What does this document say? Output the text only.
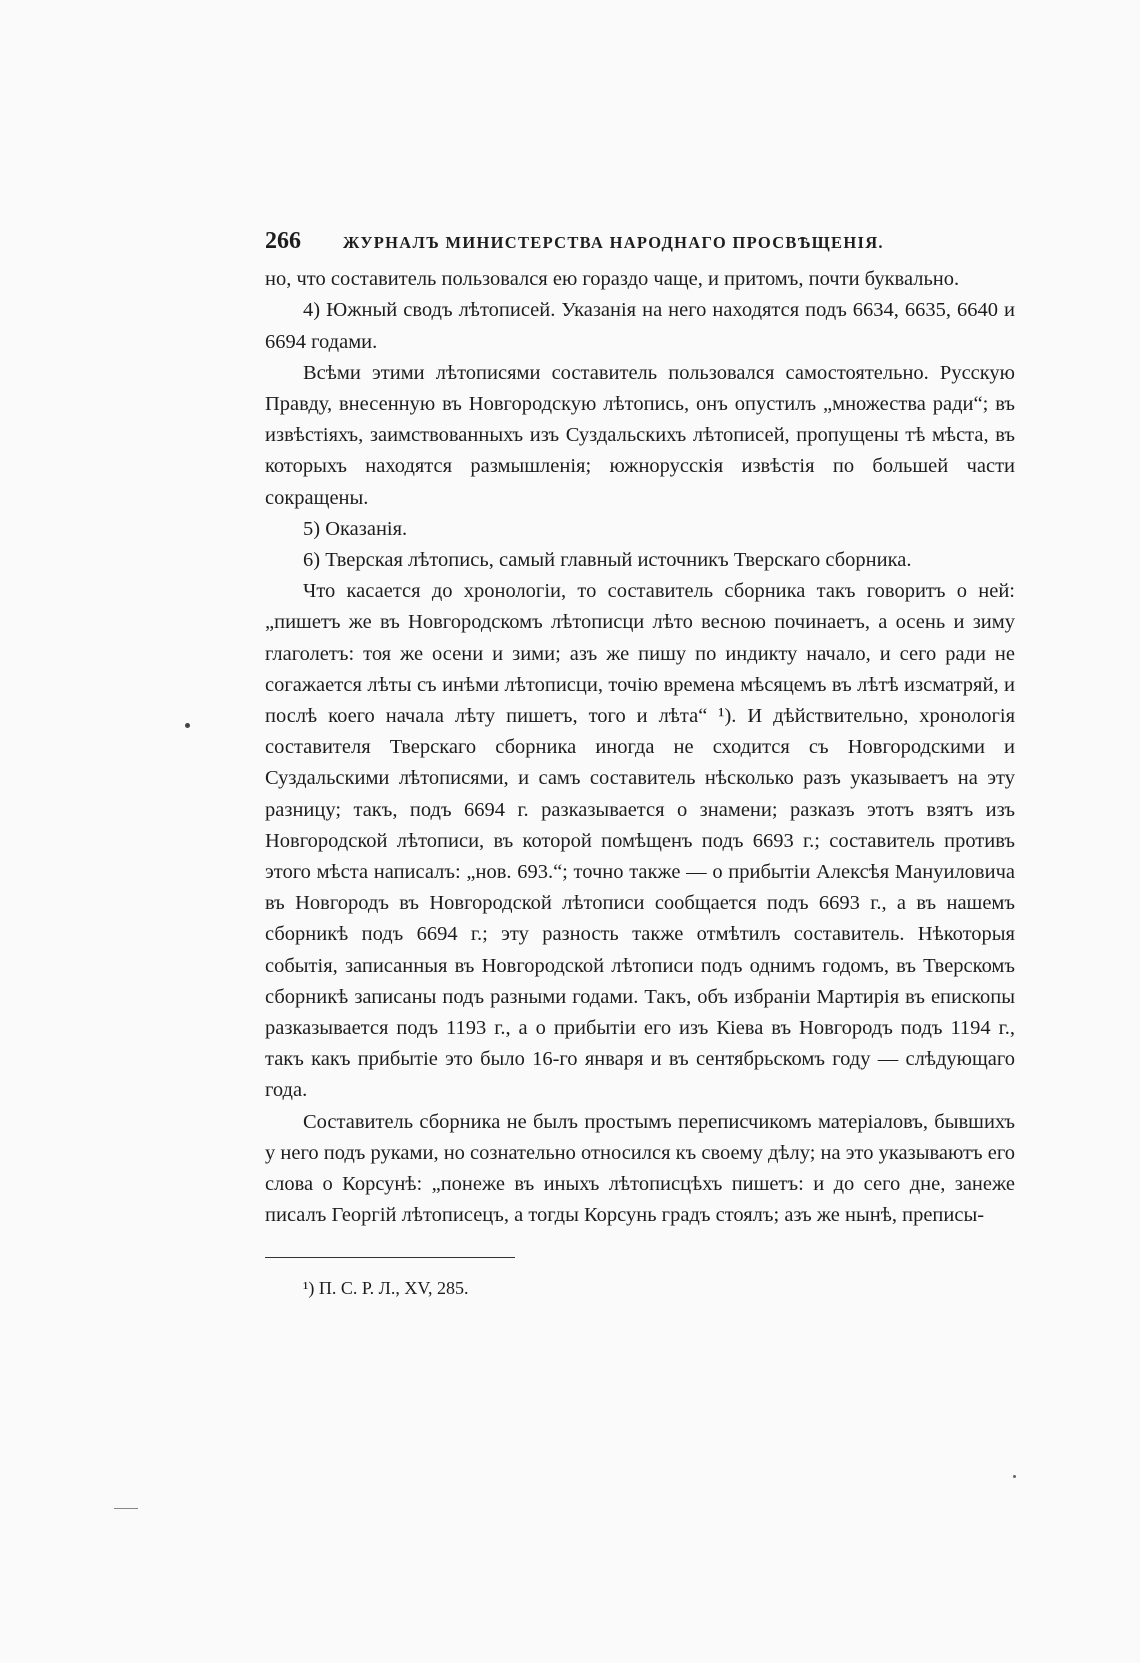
266	ЖУРНАЛЪ МИНИСТЕРСТВА НАРОДНАГО ПРОСВѢЩЕНІЯ.

но, что составитель пользовался ею гораздо чаще, и притомъ, почти буквально.

4) Южный сводъ лѣтописей. Указанія на него находятся подъ 6634, 6635, 6640 и 6694 годами.

Всѣми этими лѣтописями составитель пользовался самостоятельно. Русскую Правду, внесенную въ Новгородскую лѣтопись, онъ опустилъ „множества ради“; въ извѣстіяхъ, заимствованныхъ изъ Суздальскихъ лѣтописей, пропущены тѣ мѣста, въ которыхъ находятся размышленія; южнорусскія извѣстія по большей части сокращены.

5) Оказанія.

6) Тверская лѣтопись, самый главный источникъ Тверскаго сборника.

Что касается до хронологіи, то составитель сборника такъ говоритъ о ней: „пишетъ же въ Новгородскомъ лѣтописци лѣто весною починаетъ, а осень и зиму глаголетъ: тоя же осени и зими; азъ же пишу по индикту начало, и сего ради не согажается лѣты съ инѣми лѣтописци, точію времена мѣсяцемъ въ лѣтѣ изсматряй, и послѣ коего начала лѣту пишетъ, того и лѣта“ ¹). И дѣйствительно, хронологія составителя Тверскаго сборника иногда не сходится съ Новгородскими и Суздальскими лѣтописями, и самъ составитель нѣсколько разъ указываетъ на эту разницу; такъ, подъ 6694 г. разказывается о знамени; разказъ этотъ взятъ изъ Новгородской лѣтописи, въ которой помѣщенъ подъ 6693 г.; составитель противъ этого мѣста написалъ: „нов. 693.“; точно также — о прибытіи Алексѣя Мануиловича въ Новгородъ въ Новгородской лѣтописи сообщается подъ 6693 г., а въ нашемъ сборникѣ подъ 6694 г.; эту разность также отмѣтилъ составитель. Нѣкоторыя событія, записанныя въ Новгородской лѣтописи подъ однимъ годомъ, въ Тверскомъ сборникѣ записаны подъ разными годами. Такъ, объ избраніи Мартирія въ епископы разказывается подъ 1193 г., а о прибытіи его изъ Кіева въ Новгородъ подъ 1194 г., такъ какъ прибытіе это было 16-го января и въ сентябрьскомъ году — слѣдующаго года.

Составитель сборника не былъ простымъ переписчикомъ матеріаловъ, бывшихъ у него подъ руками, но сознательно относился къ своему дѣлу; на это указываютъ его слова о Корсунѣ: „понеже въ иныхъ лѣтописцѣхъ пишетъ: и до сего дне, занеже писалъ Георгій лѣтописецъ, а тогды Корсунь градъ стоялъ; азъ же нынѣ, преписы-

¹) П. С. Р. Л., XV, 285.
